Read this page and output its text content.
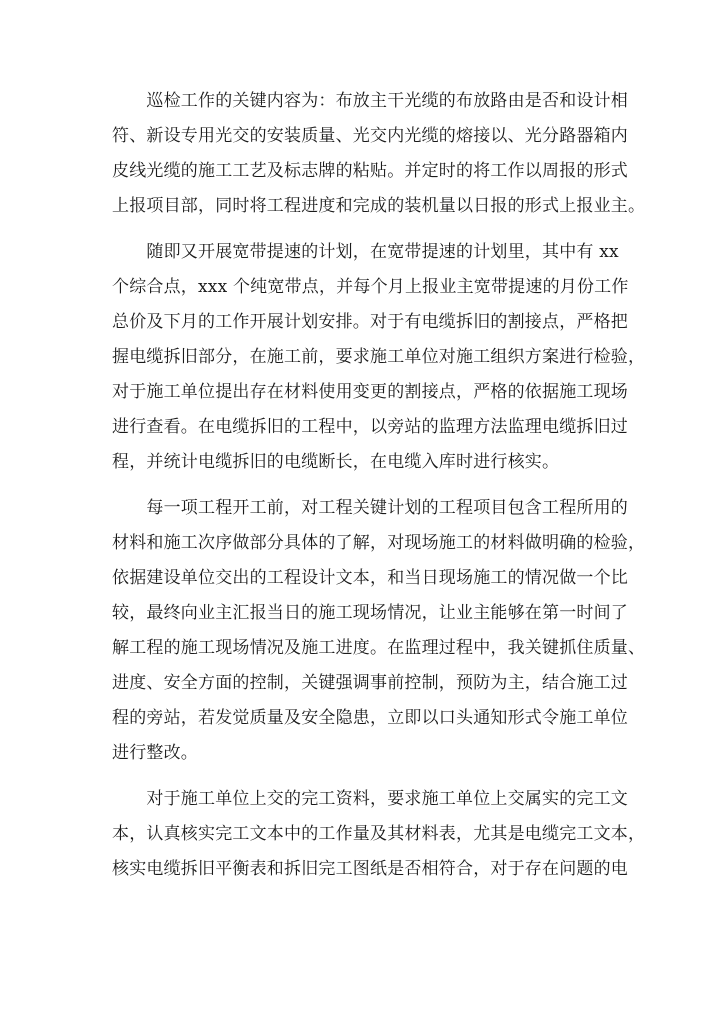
　　巡检工作的关键内容为：布放主干光缆的布放路由是否和设计相
符、新设专用光交的安装质量、光交内光缆的熔接以、光分路器箱内
皮线光缆的施工工艺及标志牌的粘贴。并定时的将工作以周报的形式
上报项目部，同时将工程进度和完成的装机量以日报的形式上报业主。
　　随即又开展宽带提速的计划，在宽带提速的计划里，其中有 xx
个综合点，xxx 个纯宽带点，并每个月上报业主宽带提速的月份工作
总价及下月的工作开展计划安排。对于有电缆拆旧的割接点，严格把
握电缆拆旧部分，在施工前，要求施工单位对施工组织方案进行检验，
对于施工单位提出存在材料使用变更的割接点，严格的依据施工现场
进行查看。在电缆拆旧的工程中，以旁站的监理方法监理电缆拆旧过
程，并统计电缆拆旧的电缆断长，在电缆入库时进行核实。
　　每一项工程开工前，对工程关键计划的工程项目包含工程所用的
材料和施工次序做部分具体的了解，对现场施工的材料做明确的检验，
依据建设单位交出的工程设计文本，和当日现场施工的情况做一个比
较，最终向业主汇报当日的施工现场情况，让业主能够在第一时间了
解工程的施工现场情况及施工进度。在监理过程中，我关键抓住质量、
进度、安全方面的控制，关键强调事前控制，预防为主，结合施工过
程的旁站，若发觉质量及安全隐患，立即以口头通知形式令施工单位
进行整改。
　　对于施工单位上交的完工资料，要求施工单位上交属实的完工文
本，认真核实完工文本中的工作量及其材料表，尤其是电缆完工文本，
核实电缆拆旧平衡表和拆旧完工图纸是否相符合，对于存在问题的电
